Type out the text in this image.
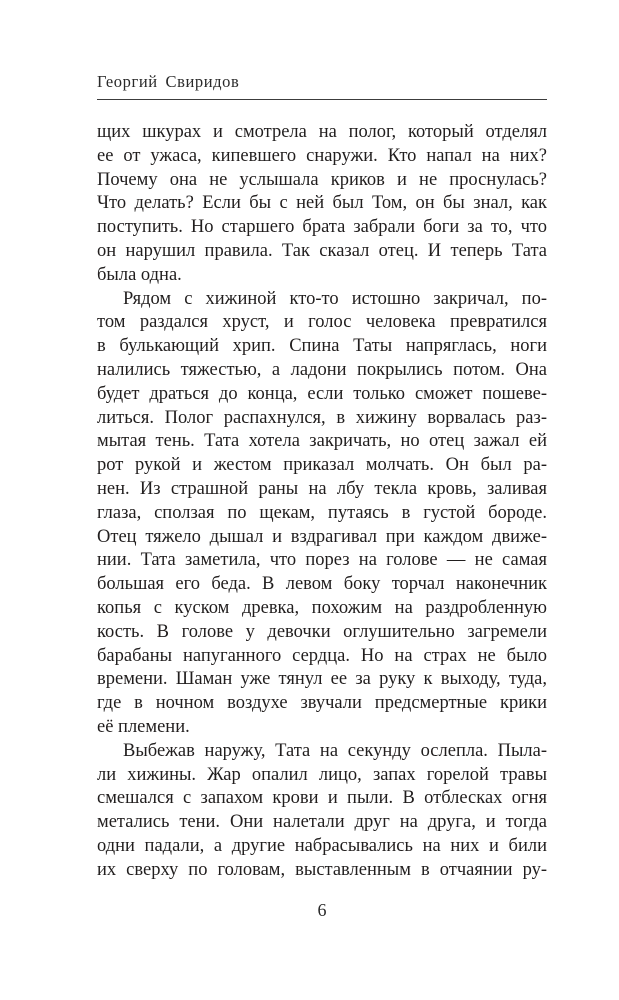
Георгий Свиридов
щих шкурах и смотрела на полог, который отделял
ее от ужаса, кипевшего снаружи. Кто напал на них?
Почему она не услышала криков и не проснулась?
Что делать? Если бы с ней был Том, он бы знал, как
поступить. Но старшего брата забрали боги за то, что
он нарушил правила. Так сказал отец. И теперь Тата
была одна.
Рядом с хижиной кто-то истошно закричал, по-
том раздался хруст, и голос человека превратился
в булькающий хрип. Спина Таты напряглась, ноги
налились тяжестью, а ладони покрылись потом. Она
будет драться до конца, если только сможет пошеве-
литься. Полог распахнулся, в хижину ворвалась раз-
мытая тень. Тата хотела закричать, но отец зажал ей
рот рукой и жестом приказал молчать. Он был ра-
нен. Из страшной раны на лбу текла кровь, заливая
глаза, сползая по щекам, путаясь в густой бороде.
Отец тяжело дышал и вздрагивал при каждом движе-
нии. Тата заметила, что порез на голове — не самая
большая его беда. В левом боку торчал наконечник
копья с куском древка, похожим на раздробленную
кость. В голове у девочки оглушительно загремели
барабаны напуганного сердца. Но на страх не было
времени. Шаман уже тянул ее за руку к выходу, туда,
где в ночном воздухе звучали предсмертные крики
её племени.
Выбежав наружу, Тата на секунду ослепла. Пыла-
ли хижины. Жар опалил лицо, запах горелой травы
смешался с запахом крови и пыли. В отблесках огня
метались тени. Они налетали друг на друга, и тогда
одни падали, а другие набрасывались на них и били
их сверху по головам, выставленным в отчаянии ру-
6
